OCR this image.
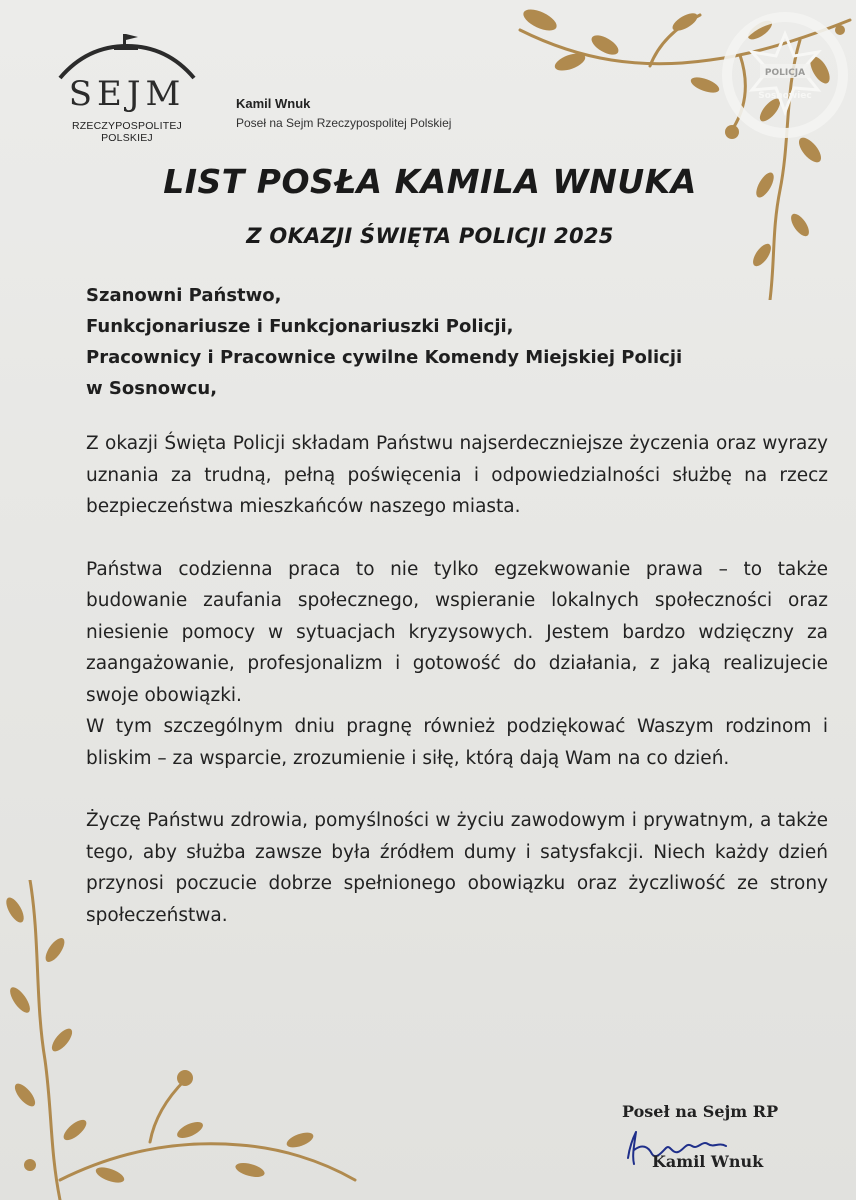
SEJM
RZECZYPOSPOLITEJ POLSKIEJ
Kamil Wnuk
Poseł na Sejm Rzeczypospolitej Polskiej
POLICJA
Sosnowiec
LIST POSŁA KAMILA WNUKA
Z OKAZJI ŚWIĘTA POLICJI 2025
Szanowni Państwo,
Funkcjonariusze i Funkcjonariuszki Policji,
Pracownicy i Pracownice cywilne Komendy Miejskiej Policji
w Sosnowcu,

Z okazji Święta Policji składam Państwu najserdeczniejsze życzenia oraz wyrazy uznania za trudną, pełną poświęcenia i odpowiedzialności służbę na rzecz bezpieczeństwa mieszkańców naszego miasta.

Państwa codzienna praca to nie tylko egzekwowanie prawa – to także budowanie zaufania społecznego, wspieranie lokalnych społeczności oraz niesienie pomocy w sytuacjach kryzysowych. Jestem bardzo wdzięczny za zaangażowanie, profesjonalizm i gotowość do działania, z jaką realizujecie swoje obowiązki.

W tym szczególnym dniu pragnę również podziękować Waszym rodzinom i bliskim – za wsparcie, zrozumienie i siłę, którą dają Wam na co dzień.

Życzę Państwu zdrowia, pomyślności w życiu zawodowym i prywatnym, a także tego, aby służba zawsze była źródłem dumy i satysfakcji. Niech każdy dzień przynosi poczucie dobrze spełnionego obowiązku oraz życzliwość ze strony społeczeństwa.

Poseł na Sejm RP
Kamil Wnuk
